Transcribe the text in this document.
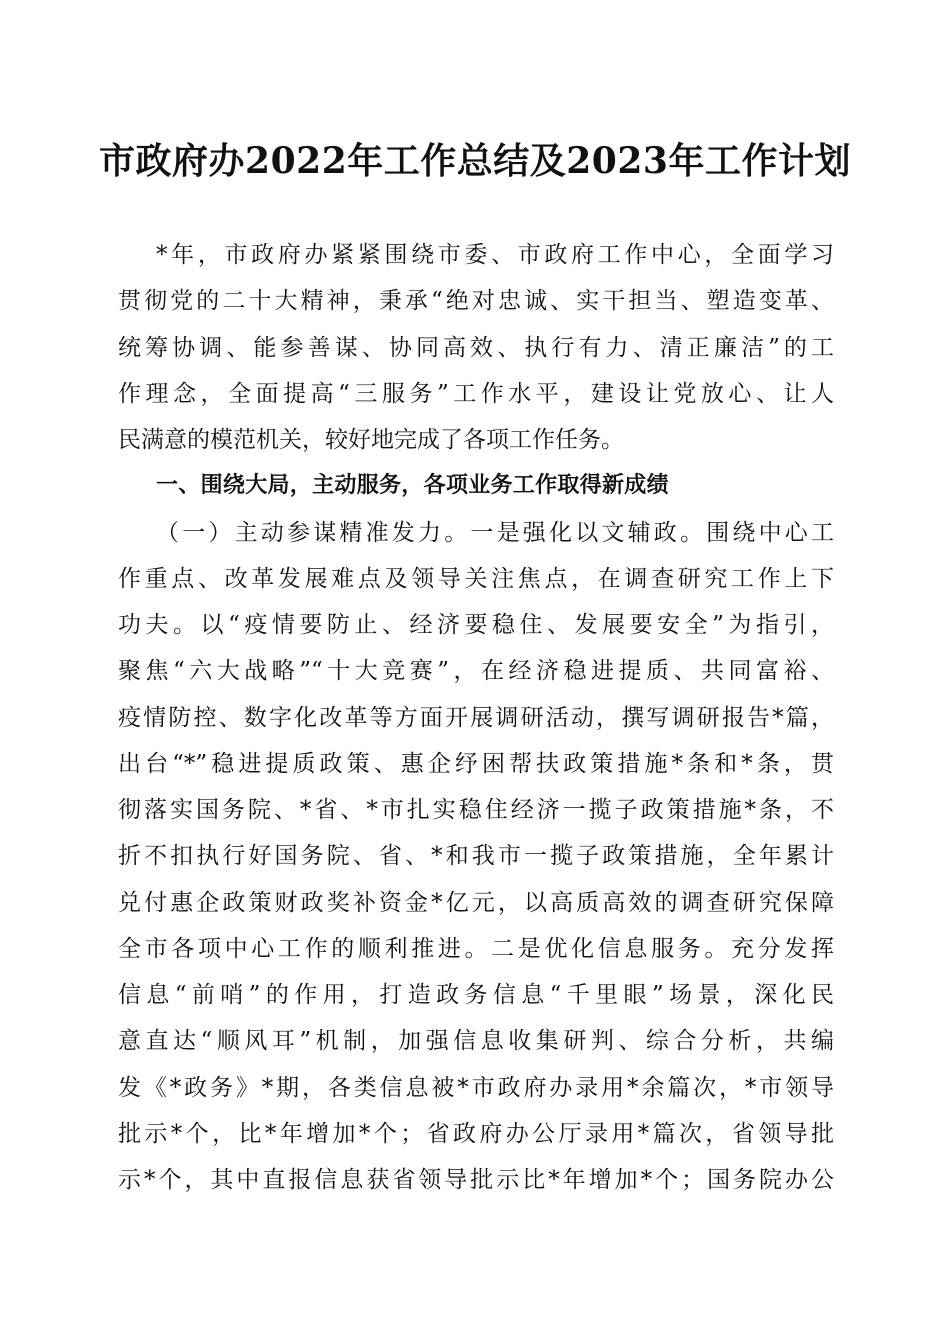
市政府办2022年工作总结及2023年工作计划
*年，市政府办紧紧围绕市委、市政府工作中心，全面学习
贯彻党的二十大精神，秉承“绝对忠诚、实干担当、塑造变革、
统筹协调、能参善谋、协同高效、执行有力、清正廉洁”的工
作理念，全面提高“三服务”工作水平，建设让党放心、让人
民满意的模范机关，较好地完成了各项工作任务。
一、围绕大局，主动服务，各项业务工作取得新成绩
（一）主动参谋精准发力。一是强化以文辅政。围绕中心工
作重点、改革发展难点及领导关注焦点，在调查研究工作上下
功夫。以“疫情要防止、经济要稳住、发展要安全”为指引，
聚焦“六大战略”“十大竞赛”，在经济稳进提质、共同富裕、
疫情防控、数字化改革等方面开展调研活动，撰写调研报告*篇，
出台“*”稳进提质政策、惠企纾困帮扶政策措施*条和*条，贯
彻落实国务院、*省、*市扎实稳住经济一揽子政策措施*条，不
折不扣执行好国务院、省、*和我市一揽子政策措施，全年累计
兑付惠企政策财政奖补资金*亿元，以高质高效的调查研究保障
全市各项中心工作的顺利推进。二是优化信息服务。充分发挥
信息“前哨”的作用，打造政务信息“千里眼”场景，深化民
意直达“顺风耳”机制，加强信息收集研判、综合分析，共编
发《*政务》*期，各类信息被*市政府办录用*余篇次，*市领导
批示*个，比*年增加*个；省政府办公厅录用*篇次，省领导批
示*个，其中直报信息获省领导批示比*年增加*个；国务院办公
